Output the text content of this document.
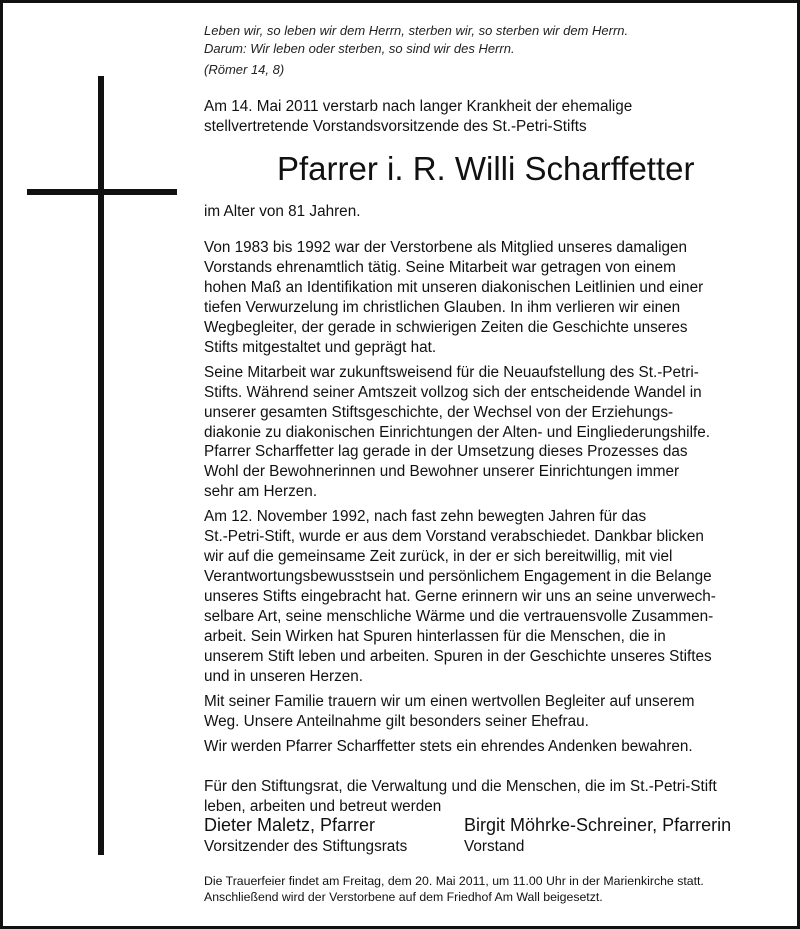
Leben wir, so leben wir dem Herrn, sterben wir, so sterben wir dem Herrn.
Darum: Wir leben oder sterben, so sind wir des Herrn.
(Römer 14, 8)
Am 14. Mai 2011 verstarb nach langer Krankheit der ehemalige
stellvertretende Vorstandsvorsitzende des St.-Petri-Stifts
Pfarrer i. R. Willi Scharffetter
im Alter von 81 Jahren.
Von 1983 bis 1992 war der Verstorbene als Mitglied unseres damaligen
Vorstands ehrenamtlich tätig. Seine Mitarbeit war getragen von einem
hohen Maß an Identifikation mit unseren diakonischen Leitlinien und einer
tiefen Verwurzelung im christlichen Glauben. In ihm verlieren wir einen
Wegbegleiter, der gerade in schwierigen Zeiten die Geschichte unseres
Stifts mitgestaltet und geprägt hat.
Seine Mitarbeit war zukunftsweisend für die Neuaufstellung des St.-Petri-
Stifts. Während seiner Amtszeit vollzog sich der entscheidende Wandel in
unserer gesamten Stiftsgeschichte, der Wechsel von der Erziehungs-
diakonie zu diakonischen Einrichtungen der Alten- und Eingliederungshilfe.
Pfarrer Scharffetter lag gerade in der Umsetzung dieses Prozesses das
Wohl der Bewohnerinnen und Bewohner unserer Einrichtungen immer
sehr am Herzen.
Am 12. November 1992, nach fast zehn bewegten Jahren für das
St.-Petri-Stift, wurde er aus dem Vorstand verabschiedet. Dankbar blicken
wir auf die gemeinsame Zeit zurück, in der er sich bereitwillig, mit viel
Verantwortungsbewusstsein und persönlichem Engagement in die Belange
unseres Stifts eingebracht hat. Gerne erinnern wir uns an seine unverwech-
selbare Art, seine menschliche Wärme und die vertrauensvolle Zusammen-
arbeit. Sein Wirken hat Spuren hinterlassen für die Menschen, die in
unserem Stift leben und arbeiten. Spuren in der Geschichte unseres Stiftes
und in unseren Herzen.
Mit seiner Familie trauern wir um einen wertvollen Begleiter auf unserem
Weg. Unsere Anteilnahme gilt besonders seiner Ehefrau.
Wir werden Pfarrer Scharffetter stets ein ehrendes Andenken bewahren.
Für den Stiftungsrat, die Verwaltung und die Menschen, die im St.-Petri-Stift
leben, arbeiten und betreut werden
Dieter Maletz, Pfarrer
Vorsitzender des Stiftungsrats
Birgit Möhrke-Schreiner, Pfarrerin
Vorstand
Die Trauerfeier findet am Freitag, dem 20. Mai 2011, um 11.00 Uhr in der Marienkirche statt.
Anschließend wird der Verstorbene auf dem Friedhof Am Wall beigesetzt.
